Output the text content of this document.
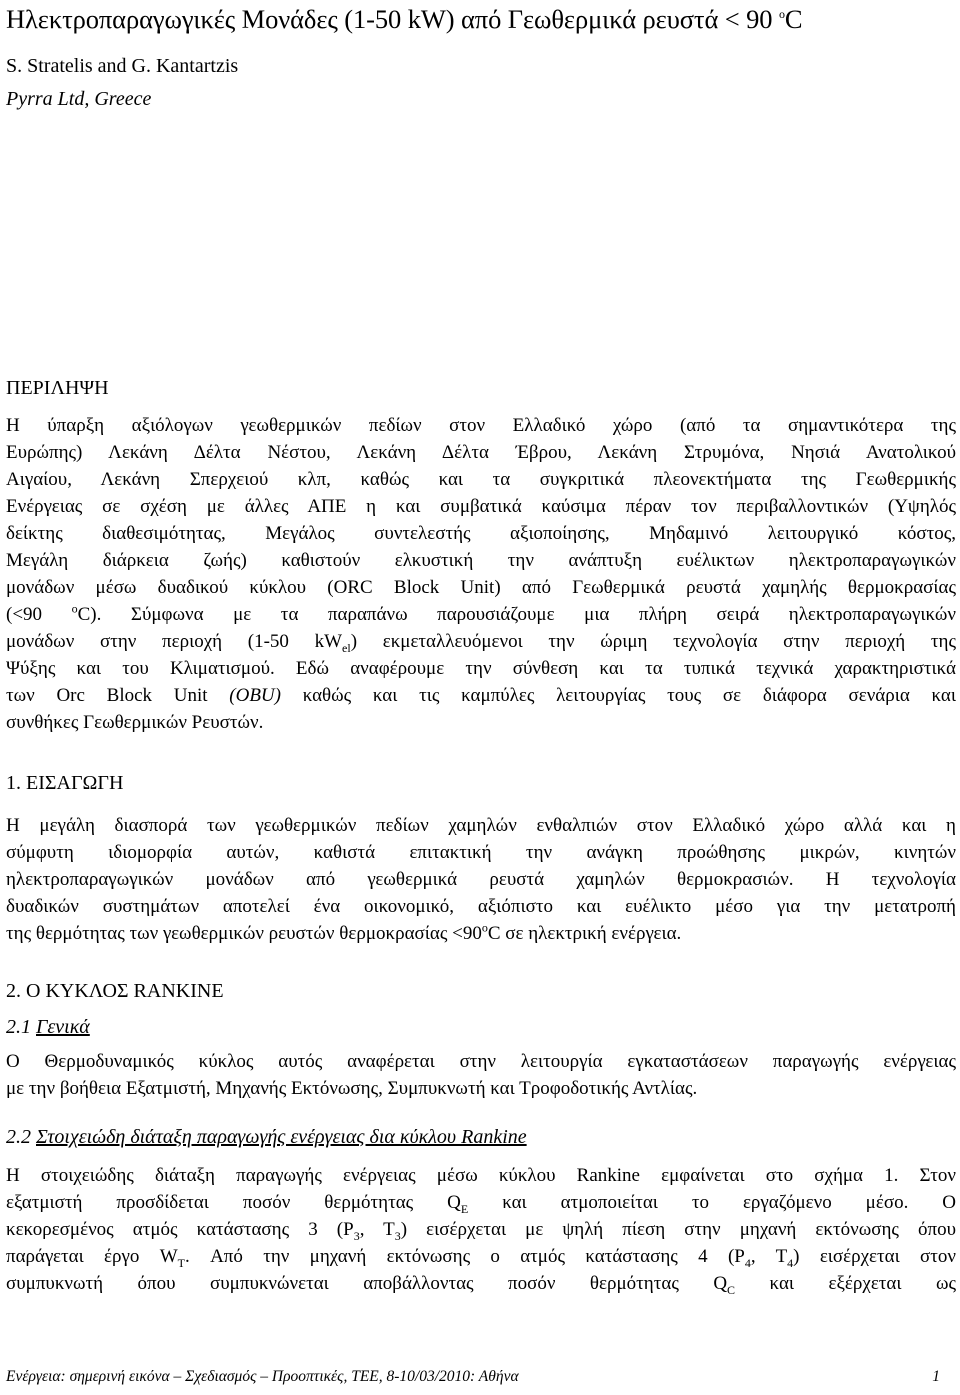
Ηλεκτροπαραγωγικές Μονάδες (1-50 kW) από Γεωθερμικά ρευστά < 90 $^o$C
S. Stratelis and G. Kantartzis
Pyrra Ltd, Greece
ΠΕΡΙΛΗΨΗ
Η ύπαρξη αξιόλογων γεωθερμικών πεδίων στον Ελλαδικό χώρο (από τα σημαντικότερα της
Ευρώπης) Λεκάνη Δέλτα Νέστου, Λεκάνη Δέλτα Έβρου, Λεκάνη Στρυμόνα, Νησιά Ανατολικού
Αιγαίου, Λεκάνη Σπερχειού κλπ, καθώς και τα συγκριτικά πλεονεκτήματα της Γεωθερμικής
Ενέργειας σε σχέση με άλλες ΑΠΕ η και συμβατικά καύσιμα πέραν τον περιβαλλοντικών (Υψηλός
δείκτης διαθεσιμότητας, Μεγάλος συντελεστής αξιοποίησης, Μηδαμινό λειτουργικό κόστος,
Μεγάλη διάρκεια ζωής) καθιστούν ελκυστική την ανάπτυξη ευέλικτων ηλεκτροπαραγωγικών
μονάδων μέσω δυαδικού κύκλου (ORC Block Unit) από Γεωθερμικά ρευστά χαμηλής θερμοκρασίας
(<90 $^o$C). Σύμφωνα με τα παραπάνω παρουσιάζουμε μια πλήρη σειρά ηλεκτροπαραγωγικών
μονάδων στην περιοχή (1-50 $kW_{el}$) εκμεταλλευόμενοι την ώριμη τεχνολογία στην περιοχή της
Ψύξης και του Κλιματισμού. Εδώ αναφέρουμε την σύνθεση και τα τυπικά τεχνικά χαρακτηριστικά
των Orc Block Unit (OBU) καθώς και τις καμπύλες λειτουργίας τους σε διάφορα σενάρια και
συνθήκες Γεωθερμικών Ρευστών.
1. ΕΙΣΑΓΩΓΗ
Η μεγάλη διασπορά των γεωθερμικών πεδίων χαμηλών ενθαλπιών στον Ελλαδικό χώρο αλλά και η
σύμφυτη ιδιομορφία αυτών, καθιστά επιτακτική την ανάγκη προώθησης μικρών, κινητών
ηλεκτροπαραγωγικών μονάδων από γεωθερμικά ρευστά χαμηλών θερμοκρασιών. Η τεχνολογία
δυαδικών συστημάτων αποτελεί ένα οικονομικό, αξιόπιστο και ευέλικτο μέσο για την μετατροπή
της θερμότητας των γεωθερμικών ρευστών $\theta\varepsilon\rho\mu o\kappa\rho\alpha\sigma ί\alpha\varsigma <90^oC$ σε ηλεκτρική ενέργεια.
2. Ο ΚΥΚΛΟΣ RANKINE
2.1 Γενικά
Ο Θερμοδυναμικός κύκλος αυτός αναφέρεται στην λειτουργία εγκαταστάσεων παραγωγής ενέργειας
με την βοήθεια Εξατμιστή, Μηχανής Εκτόνωσης, Συμπυκνωτή και Τροφοδοτικής Αντλίας.
2.2 Στοιχειώδη διάταξη παραγωγής ενέργειας δια κύκλου Rankine
Η στοιχειώδης διάταξη παραγωγής ενέργειας μέσω κύκλου Rankine εμφαίνεται στο σχήμα 1. Στον
εξατμιστή προσδίδεται ποσόν θερμότητας $Q_E$ και ατμοποιείται το εργαζόμενο μέσο. Ο
κεκορεσμένος ατμός κατάστασης 3 ($P_3$, $T_3$) εισέρχεται με ψηλή πίεση στην μηχανή εκτόνωσης όπου
παράγεται έργο $W_T$. Από την μηχανή εκτόνωσης ο ατμός κατάστασης 4 ($P_4$, $T_4$) εισέρχεται στον
συμπυκνωτή όπου συμπυκνώνεται αποβάλλοντας ποσόν θερμότητας $Q_C$ και εξέρχεται ως
Ενέργεια: σημερινή εικόνα – Σχεδιασμός – Προοπτικές, ΤΕΕ, 8-10/03/2010: Αθήνα	1
